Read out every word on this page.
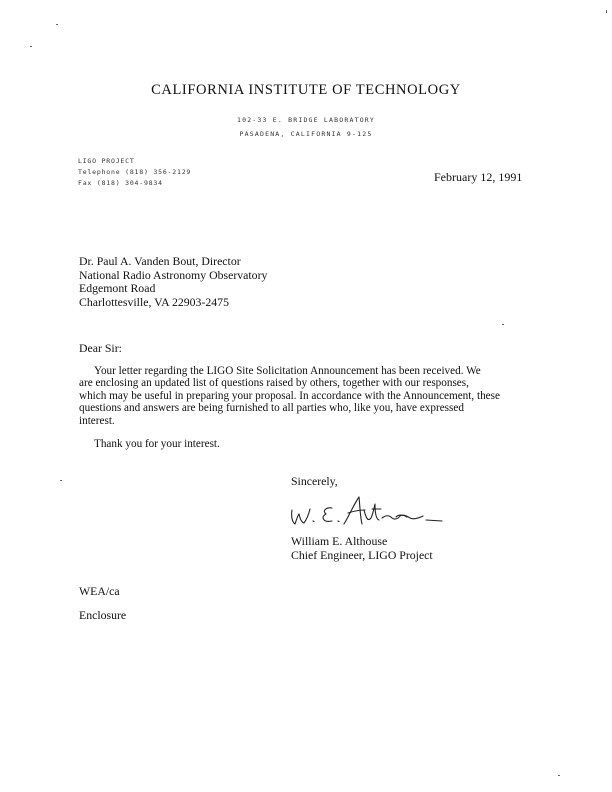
CALIFORNIA INSTITUTE OF TECHNOLOGY
102-33 E. BRIDGE LABORATORY
PASADENA, CALIFORNIA 9-125
LIGO PROJECT
Telephone (818) 356-2129
Fax (818) 304-9834	February 12, 1991
Dr. Paul A. Vanden Bout, Director
National Radio Astronomy Observatory
Edgemont Road
Charlottesville, VA 22903-2475
Dear Sir:
Your letter regarding the LIGO Site Solicitation Announcement has been received. We
are enclosing an updated list of questions raised by others, together with our responses,
which may be useful in preparing your proposal. In accordance with the Announcement, these
questions and answers are being furnished to all parties who, like you, have expressed
interest.
Thank you for your interest.
Sincerely,
William E. Althouse
Chief Engineer, LIGO Project
WEA/ca
Enclosure
